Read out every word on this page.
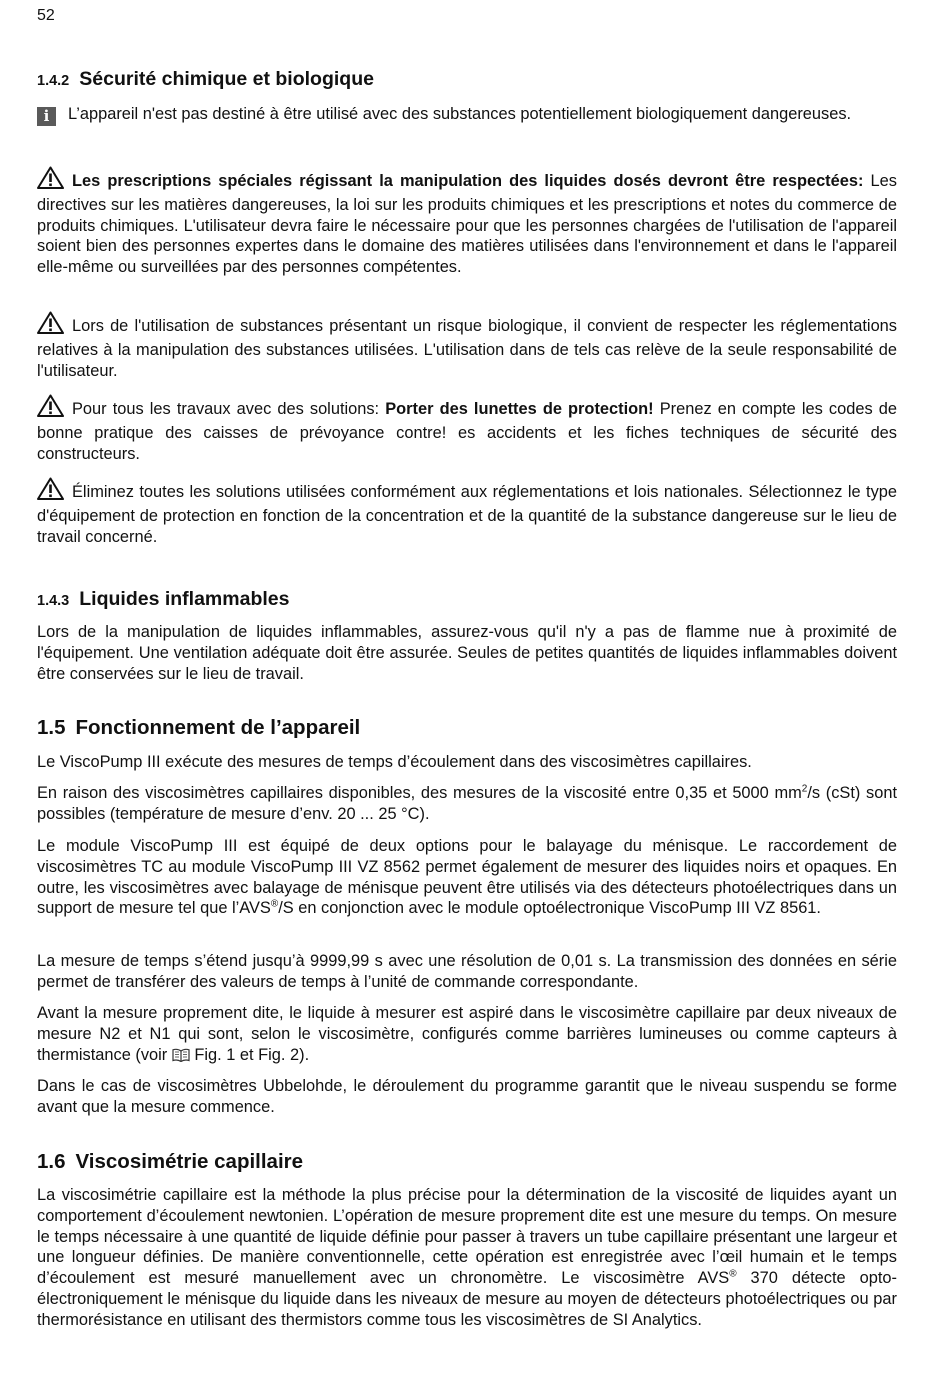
52
1.4.2 Sécurité chimique et biologique

i L’appareil n'est pas destiné à être utilisé avec des substances potentiellement biologiquement dangereuses.

Les prescriptions spéciales régissant la manipulation des liquides dosés devront être respectées: Les directives sur les matières dangereuses, la loi sur les produits chimiques et les prescriptions et notes du commerce de produits chimiques. L'utilisateur devra faire le nécessaire pour que les personnes chargées de l'utilisation de l'appareil soient bien des personnes expertes dans le domaine des matières utilisées dans l'environnement et dans le l'appareil elle-même ou surveillées par des personnes compétentes.

Lors de l'utilisation de substances présentant un risque biologique, il convient de respecter les réglementations relatives à la manipulation des substances utilisées. L'utilisation dans de tels cas relève de la seule responsabilité de l'utilisateur.

Pour tous les travaux avec des solutions: Porter des lunettes de protection! Prenez en compte les codes de bonne pratique des caisses de prévoyance contre! es accidents et les fiches techniques de sécurité des constructeurs.

Éliminez toutes les solutions utilisées conformément aux réglementations et lois nationales. Sélectionnez le type d'équipement de protection en fonction de la concentration et de la quantité de la substance dangereuse sur le lieu de travail concerné.

1.4.3 Liquides inflammables

Lors de la manipulation de liquides inflammables, assurez-vous qu'il n'y a pas de flamme nue à proximité de l'équipement. Une ventilation adéquate doit être assurée. Seules de petites quantités de liquides inflammables doivent être conservées sur le lieu de travail.

1.5 Fonctionnement de l’appareil

Le ViscoPump III exécute des mesures de temps d’écoulement dans des viscosimètres capillaires.

En raison des viscosimètres capillaires disponibles, des mesures de la viscosité entre 0,35 et 5000 $mm^2/s$ (cSt) sont possibles (température de mesure d’env. 20 ... 25 °C).

Le module ViscoPump III est équipé de deux options pour le balayage du ménisque. Le raccordement de viscosimètres TC au module ViscoPump III VZ 8562 permet également de mesurer des liquides noirs et opaques. En outre, les viscosimètres avec balayage de ménisque peuvent être utilisés via des détecteurs photoélectriques dans un support de mesure tel que l’AVS®/S en conjonction avec le module optoélectronique ViscoPump III VZ 8561.

La mesure de temps s’étend jusqu’à 9999,99 s avec une résolution de 0,01 s. La transmission des données en série permet de transférer des valeurs de temps à l’unité de commande correspondante.

Avant la mesure proprement dite, le liquide à mesurer est aspiré dans le viscosimètre capillaire par deux niveaux de mesure N2 et N1 qui sont, selon le viscosimètre, configurés comme barrières lumineuses ou comme capteurs à thermistance (voir  Fig. 1 et Fig. 2).

Dans le cas de viscosimètres Ubbelohde, le déroulement du programme garantit que le niveau suspendu se forme avant que la mesure commence.

1.6 Viscosimétrie capillaire

La viscosimétrie capillaire est la méthode la plus précise pour la détermination de la viscosité de liquides ayant un comportement d’écoulement newtonien. L’opération de mesure proprement dite est une mesure du temps. On mesure le temps nécessaire à une quantité de liquide définie pour passer à travers un tube capillaire présentant une largeur et une longueur définies. De manière conventionnelle, cette opération est enregistrée avec l’œil humain et le temps d’écoulement est mesuré manuellement avec un chronomètre. Le viscosimètre AVS® 370 détecte opto-électroniquement le ménisque du liquide dans les niveaux de mesure au moyen de détecteurs photoélectriques ou par thermorésistance en utilisant des thermistors comme tous les viscosimètres de SI Analytics.
